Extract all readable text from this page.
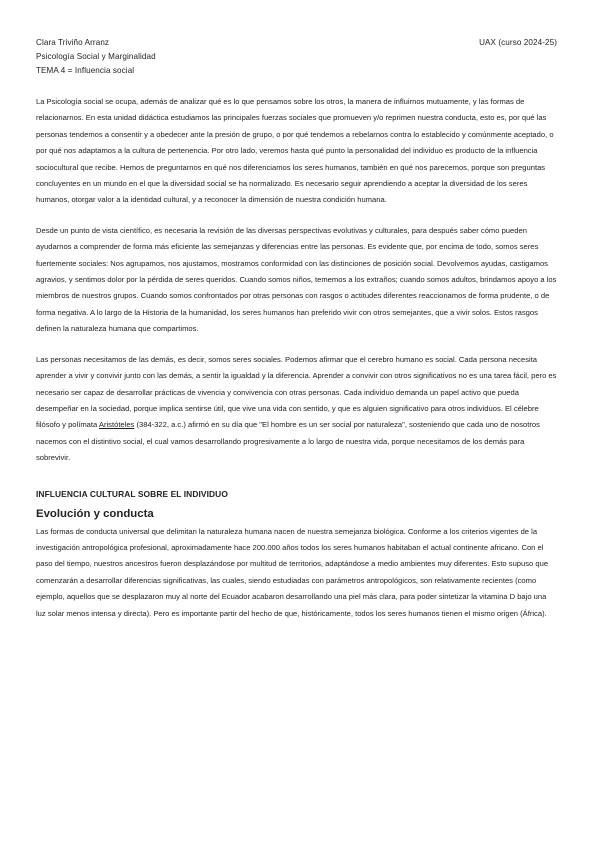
Clara Triviño Arranz
Psicología Social y Marginalidad
TEMA 4 = Influencia social
UAX (curso 2024-25)

La Psicología social se ocupa, además de analizar qué es lo que pensamos sobre los otros, la manera de influirnos mutuamente, y las formas de relacionarnos. En esta unidad didáctica estudiamos las principales fuerzas sociales que promueven y/o reprimen nuestra conducta, esto es, por qué las personas tendemos a consentir y a obedecer ante la presión de grupo, o por qué tendemos a rebelarnos contra lo establecido y comúnmente aceptado, o por qué nos adaptamos a la cultura de pertenencia. Por otro lado, veremos hasta qué punto la personalidad del individuo es producto de la influencia sociocultural que recibe. Hemos de preguntarnos en qué nos diferenciamos los seres humanos, también en qué nos parecemos, porque son preguntas concluyentes en un mundo en el que la diversidad social se ha normalizado. Es necesario seguir aprendiendo a aceptar la diversidad de los seres humanos, otorgar valor a la identidad cultural, y a reconocer la dimensión de nuestra condición humana.

Desde un punto de vista científico, es necesaria la revisión de las diversas perspectivas evolutivas y culturales, para después saber cómo pueden ayudarnos a comprender de forma más eficiente las semejanzas y diferencias entre las personas. Es evidente que, por encima de todo, somos seres fuertemente sociales: Nos agrupamos, nos ajustamos, mostramos conformidad con las distinciones de posición social. Devolvemos ayudas, castigamos agravios, y sentimos dolor por la pérdida de seres queridos. Cuando somos niños, tememos a los extraños; cuando somos adultos, brindamos apoyo a los miembros de nuestros grupos. Cuando somos confrontados por otras personas con rasgos o actitudes diferentes reaccionamos de forma prudente, o de forma negativa. A lo largo de la Historia de la humanidad, los seres humanos han preferido vivir con otros semejantes, que a vivir solos. Estos rasgos definen la naturaleza humana que compartimos.

Las personas necesitamos de las demás, es decir, somos seres sociales. Podemos afirmar que el cerebro humano es social. Cada persona necesita aprender a vivir y convivir junto con las demás, a sentir la igualdad y la diferencia. Aprender a convivir con otros significativos no es una tarea fácil, pero es necesario ser capaz de desarrollar prácticas de vivencia y convivencia con otras personas. Cada individuo demanda un papel activo que pueda desempeñar en la sociedad, porque implica sentirse útil, que vive una vida con sentido, y que es alguien significativo para otros individuos. El célebre filósofo y polímata Aristóteles (384-322, a.c.) afirmó en su día que "El hombre es un ser social por naturaleza", sosteniendo que cada uno de nosotros nacemos con el distintivo social, el cual vamos desarrollando progresivamente a lo largo de nuestra vida, porque necesitamos de los demás para sobrevivir.

INFLUENCIA CULTURAL SOBRE EL INDIVIDUO
Evolución y conducta

Las formas de conducta universal que delimitan la naturaleza humana nacen de nuestra semejanza biológica. Conforme a los criterios vigentes de la investigación antropológica profesional, aproximadamente hace 200.000 años todos los seres humanos habitaban el actual continente africano. Con el paso del tiempo, nuestros ancestros fueron desplazándose por multitud de territorios, adaptándose a medio ambientes muy diferentes. Esto supuso que comenzarán a desarrollar diferencias significativas, las cuales, siendo estudiadas con parámetros antropológicos, son relativamente recientes (como ejemplo, aquellos que se desplazaron muy al norte del Ecuador acabaron desarrollando una piel más clara, para poder sintetizar la vitamina D bajo una luz solar menos intensa y directa). Pero es importante partir del hecho de que, históricamente, todos los seres humanos tienen el mismo origen (África).
